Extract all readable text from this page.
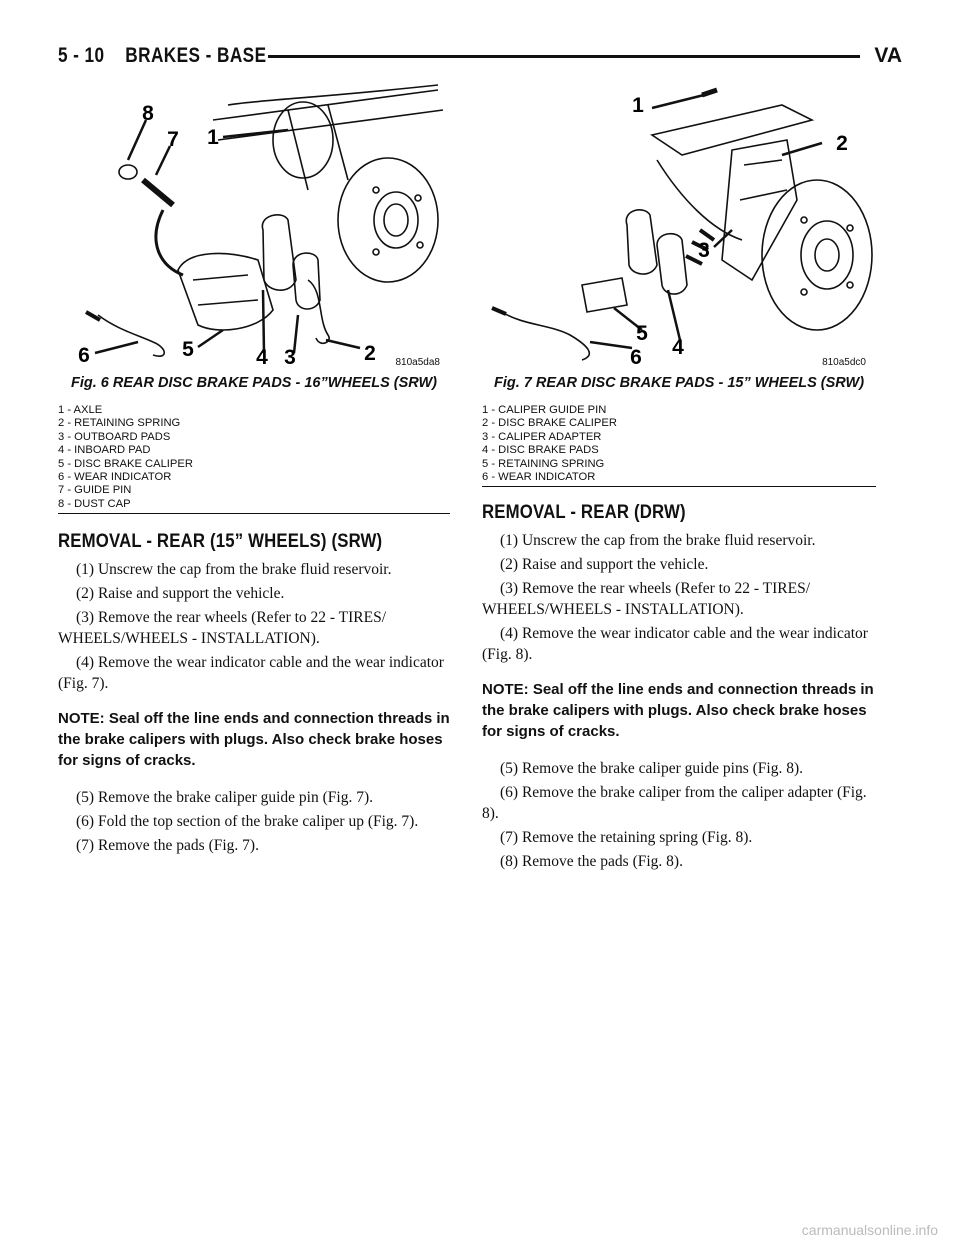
5 - 10    BRAKES - BASE	VA
8
7 1
6	5	4 3	2 810a5da8
Fig. 6 REAR DISC BRAKE PADS - 16”WHEELS (SRW)
1 - AXLE
2 - RETAINING SPRING
3 - OUTBOARD PADS
4 - INBOARD PAD
5 - DISC BRAKE CALIPER
6 - WEAR INDICATOR
7 - GUIDE PIN
8 - DUST CAP
REMOVAL - REAR (15” WHEELS) (SRW)

(1) Unscrew the cap from the brake fluid reservoir.

(2) Raise and support the vehicle.

(3) Remove the rear wheels (Refer to 22 - TIRES/ WHEELS/WHEELS - INSTALLATION).

(4) Remove the wear indicator cable and the wear indicator (Fig. 7).

NOTE: Seal off the line ends and connection threads in the brake calipers with plugs. Also check brake hoses for signs of cracks.

(5) Remove the brake caliper guide pin (Fig. 7).

(6) Fold the top section of the brake caliper up (Fig. 7).

(7) Remove the pads (Fig. 7).

1
2
3
5
6 4
810a5dc0
Fig. 7 REAR DISC BRAKE PADS - 15” WHEELS (SRW)
1 - CALIPER GUIDE PIN
2 - DISC BRAKE CALIPER
3 - CALIPER ADAPTER
4 - DISC BRAKE PADS
5 - RETAINING SPRING
6 - WEAR INDICATOR
REMOVAL - REAR (DRW)

(1) Unscrew the cap from the brake fluid reservoir.

(2) Raise and support the vehicle.

(3) Remove the rear wheels (Refer to 22 - TIRES/ WHEELS/WHEELS - INSTALLATION).

(4) Remove the wear indicator cable and the wear indicator (Fig. 8).

NOTE: Seal off the line ends and connection threads in the brake calipers with plugs. Also check brake hoses for signs of cracks.

(5) Remove the brake caliper guide pins (Fig. 8).

(6) Remove the brake caliper from the caliper adapter (Fig. 8).

(7) Remove the retaining spring (Fig. 8).

(8) Remove the pads (Fig. 8).

carmanualsonline.info
